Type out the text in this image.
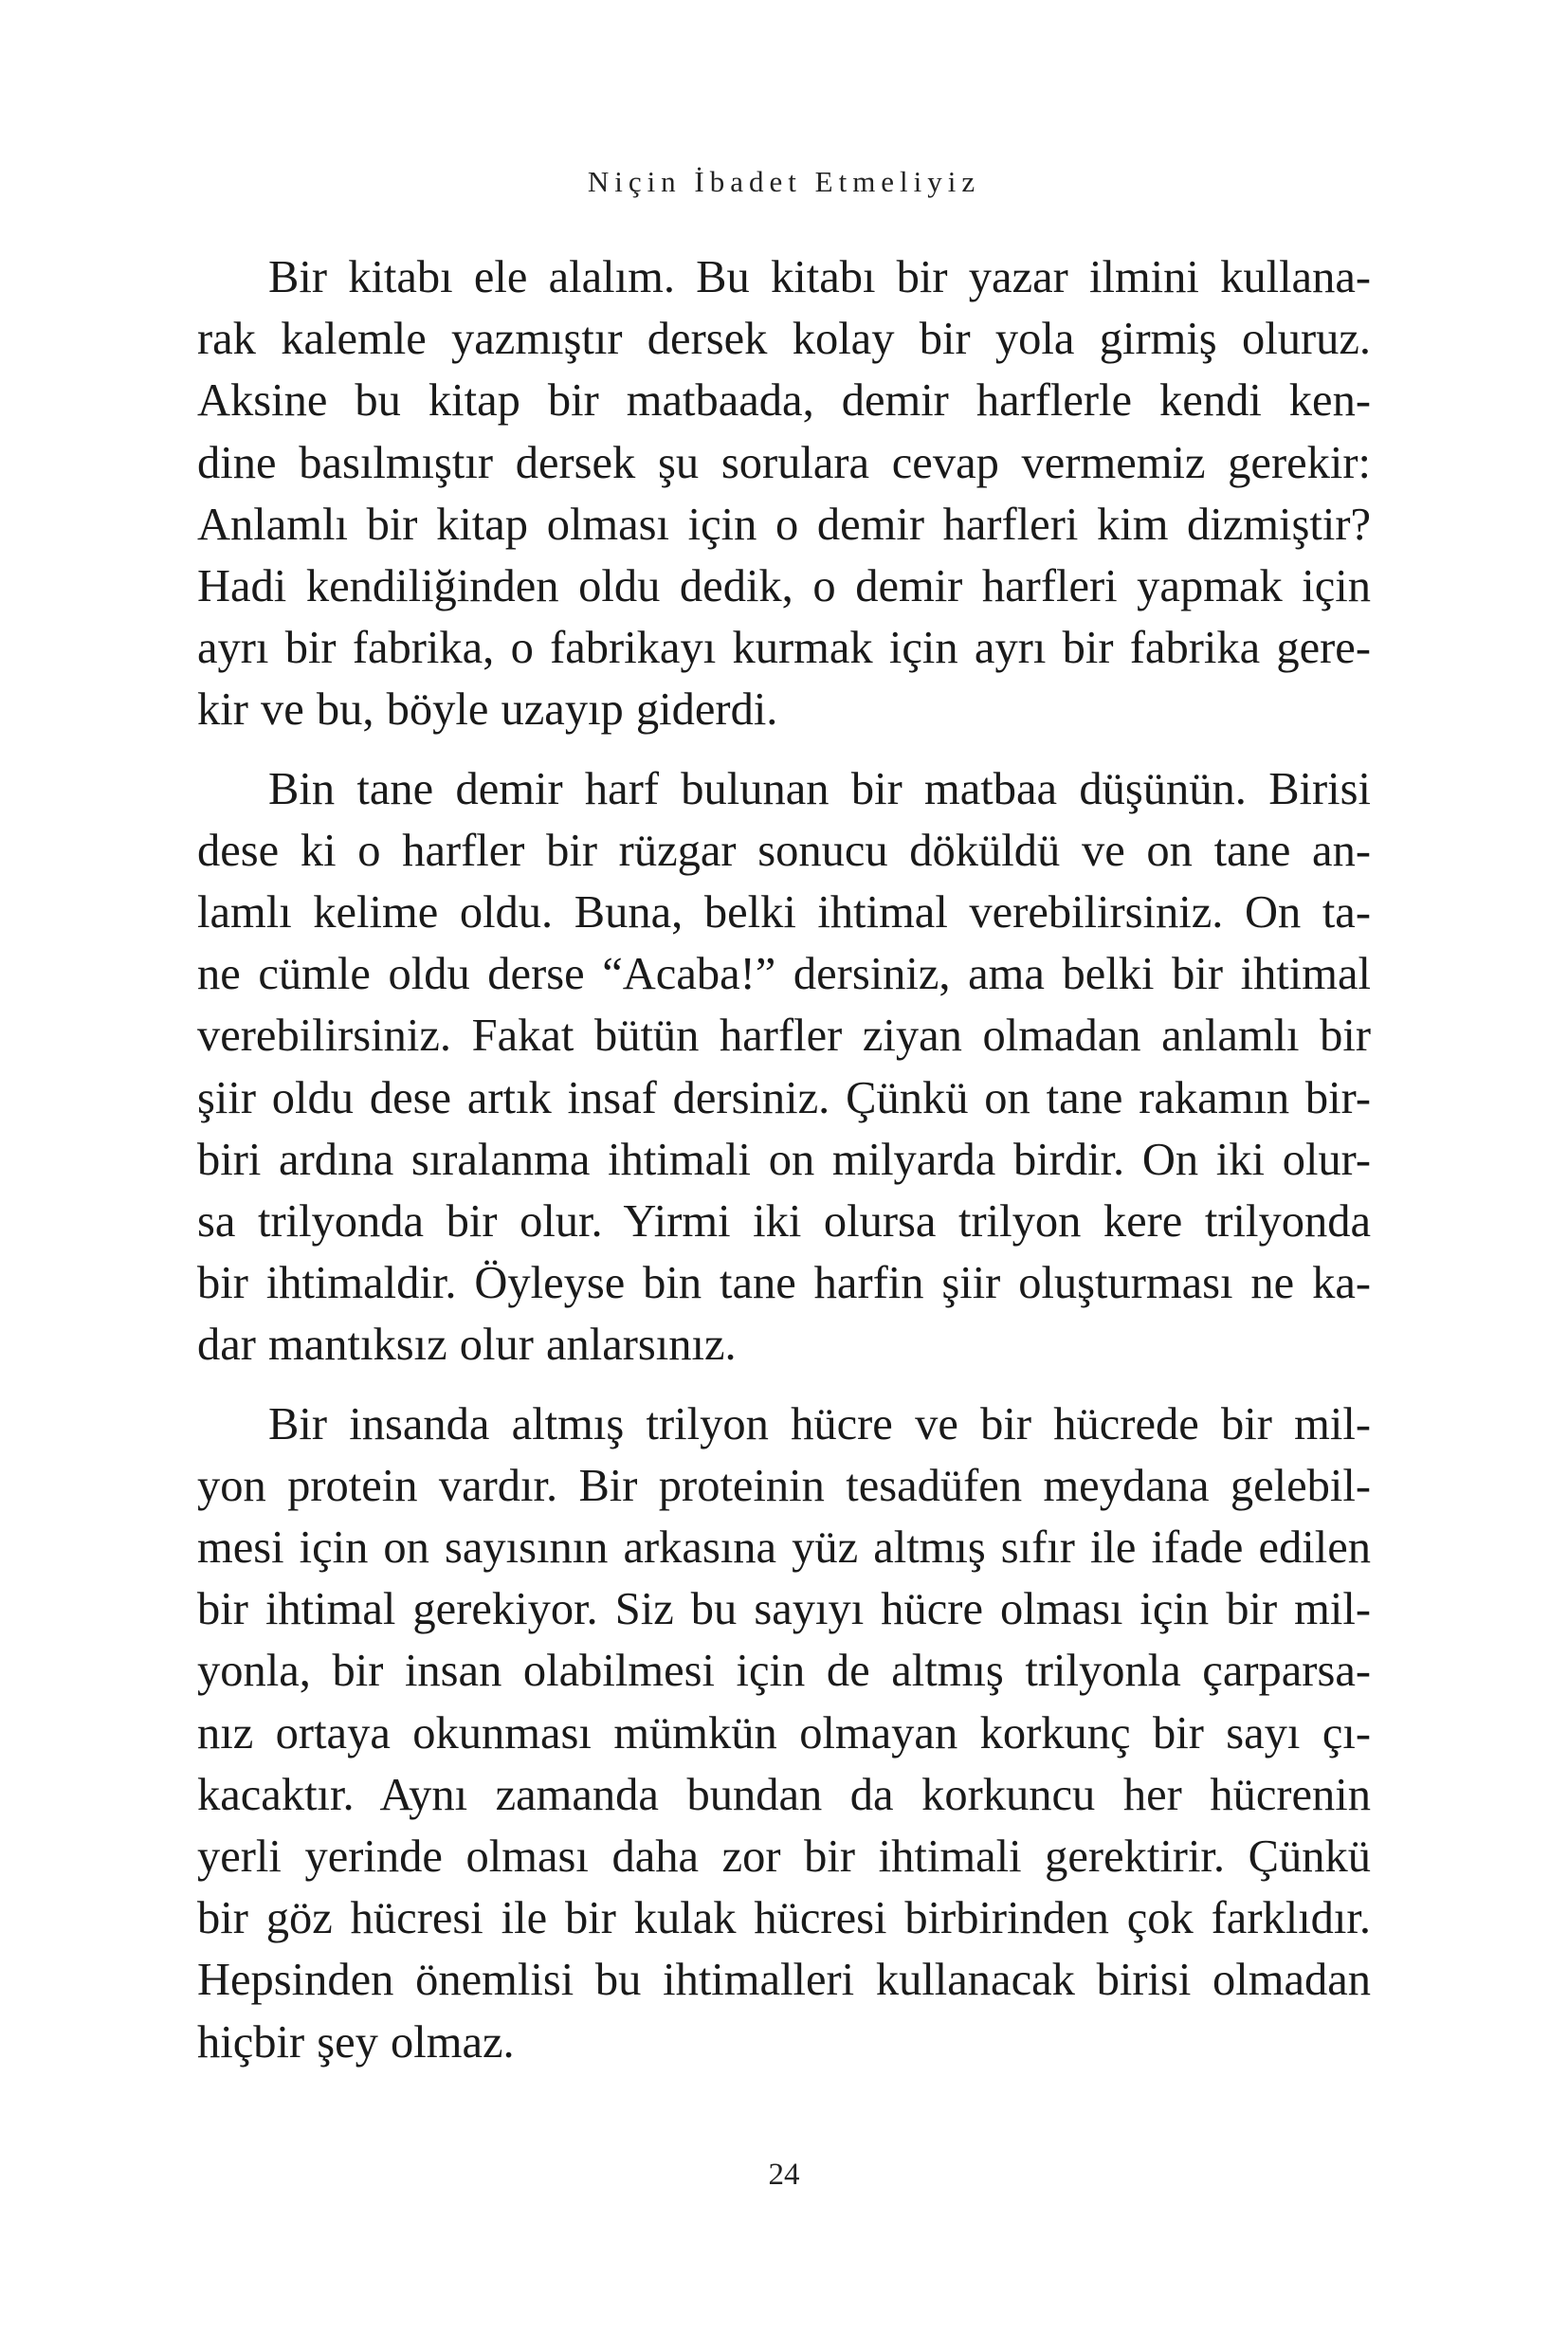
Niçin İbadet Etmeliyiz

Bir kitabı ele alalım. Bu kitabı bir yazar ilmini kullana-
rak kalemle yazmıştır dersek kolay bir yola girmiş oluruz.
Aksine bu kitap bir matbaada, demir harflerle kendi ken-
dine basılmıştır dersek şu sorulara cevap vermemiz gerekir:
Anlamlı bir kitap olması için o demir harfleri kim dizmiştir?
Hadi kendiliğinden oldu dedik, o demir harfleri yapmak için
ayrı bir fabrika, o fabrikayı kurmak için ayrı bir fabrika gere-
kir ve bu, böyle uzayıp giderdi.

Bin tane demir harf bulunan bir matbaa düşünün. Birisi
dese ki o harfler bir rüzgar sonucu döküldü ve on tane an-
lamlı kelime oldu. Buna, belki ihtimal verebilirsiniz. On ta-
ne cümle oldu derse “Acaba!” dersiniz, ama belki bir ihtimal
verebilirsiniz. Fakat bütün harfler ziyan olmadan anlamlı bir
şiir oldu dese artık insaf dersiniz. Çünkü on tane rakamın bir-
biri ardına sıralanma ihtimali on milyarda birdir. On iki olur-
sa trilyonda bir olur. Yirmi iki olursa trilyon kere trilyonda
bir ihtimaldir. Öyleyse bin tane harfin şiir oluşturması ne ka-
dar mantıksız olur anlarsınız.

Bir insanda altmış trilyon hücre ve bir hücrede bir mil-
yon protein vardır. Bir proteinin tesadüfen meydana gelebil-
mesi için on sayısının arkasına yüz altmış sıfır ile ifade edilen
bir ihtimal gerekiyor. Siz bu sayıyı hücre olması için bir mil-
yonla, bir insan olabilmesi için de altmış trilyonla çarparsa-
nız ortaya okunması mümkün olmayan korkunç bir sayı çı-
kacaktır. Aynı zamanda bundan da korkuncu her hücrenin
yerli yerinde olması daha zor bir ihtimali gerektirir. Çünkü
bir göz hücresi ile bir kulak hücresi birbirinden çok farklıdır.
Hepsinden önemlisi bu ihtimalleri kullanacak birisi olmadan
hiçbir şey olmaz.

24
